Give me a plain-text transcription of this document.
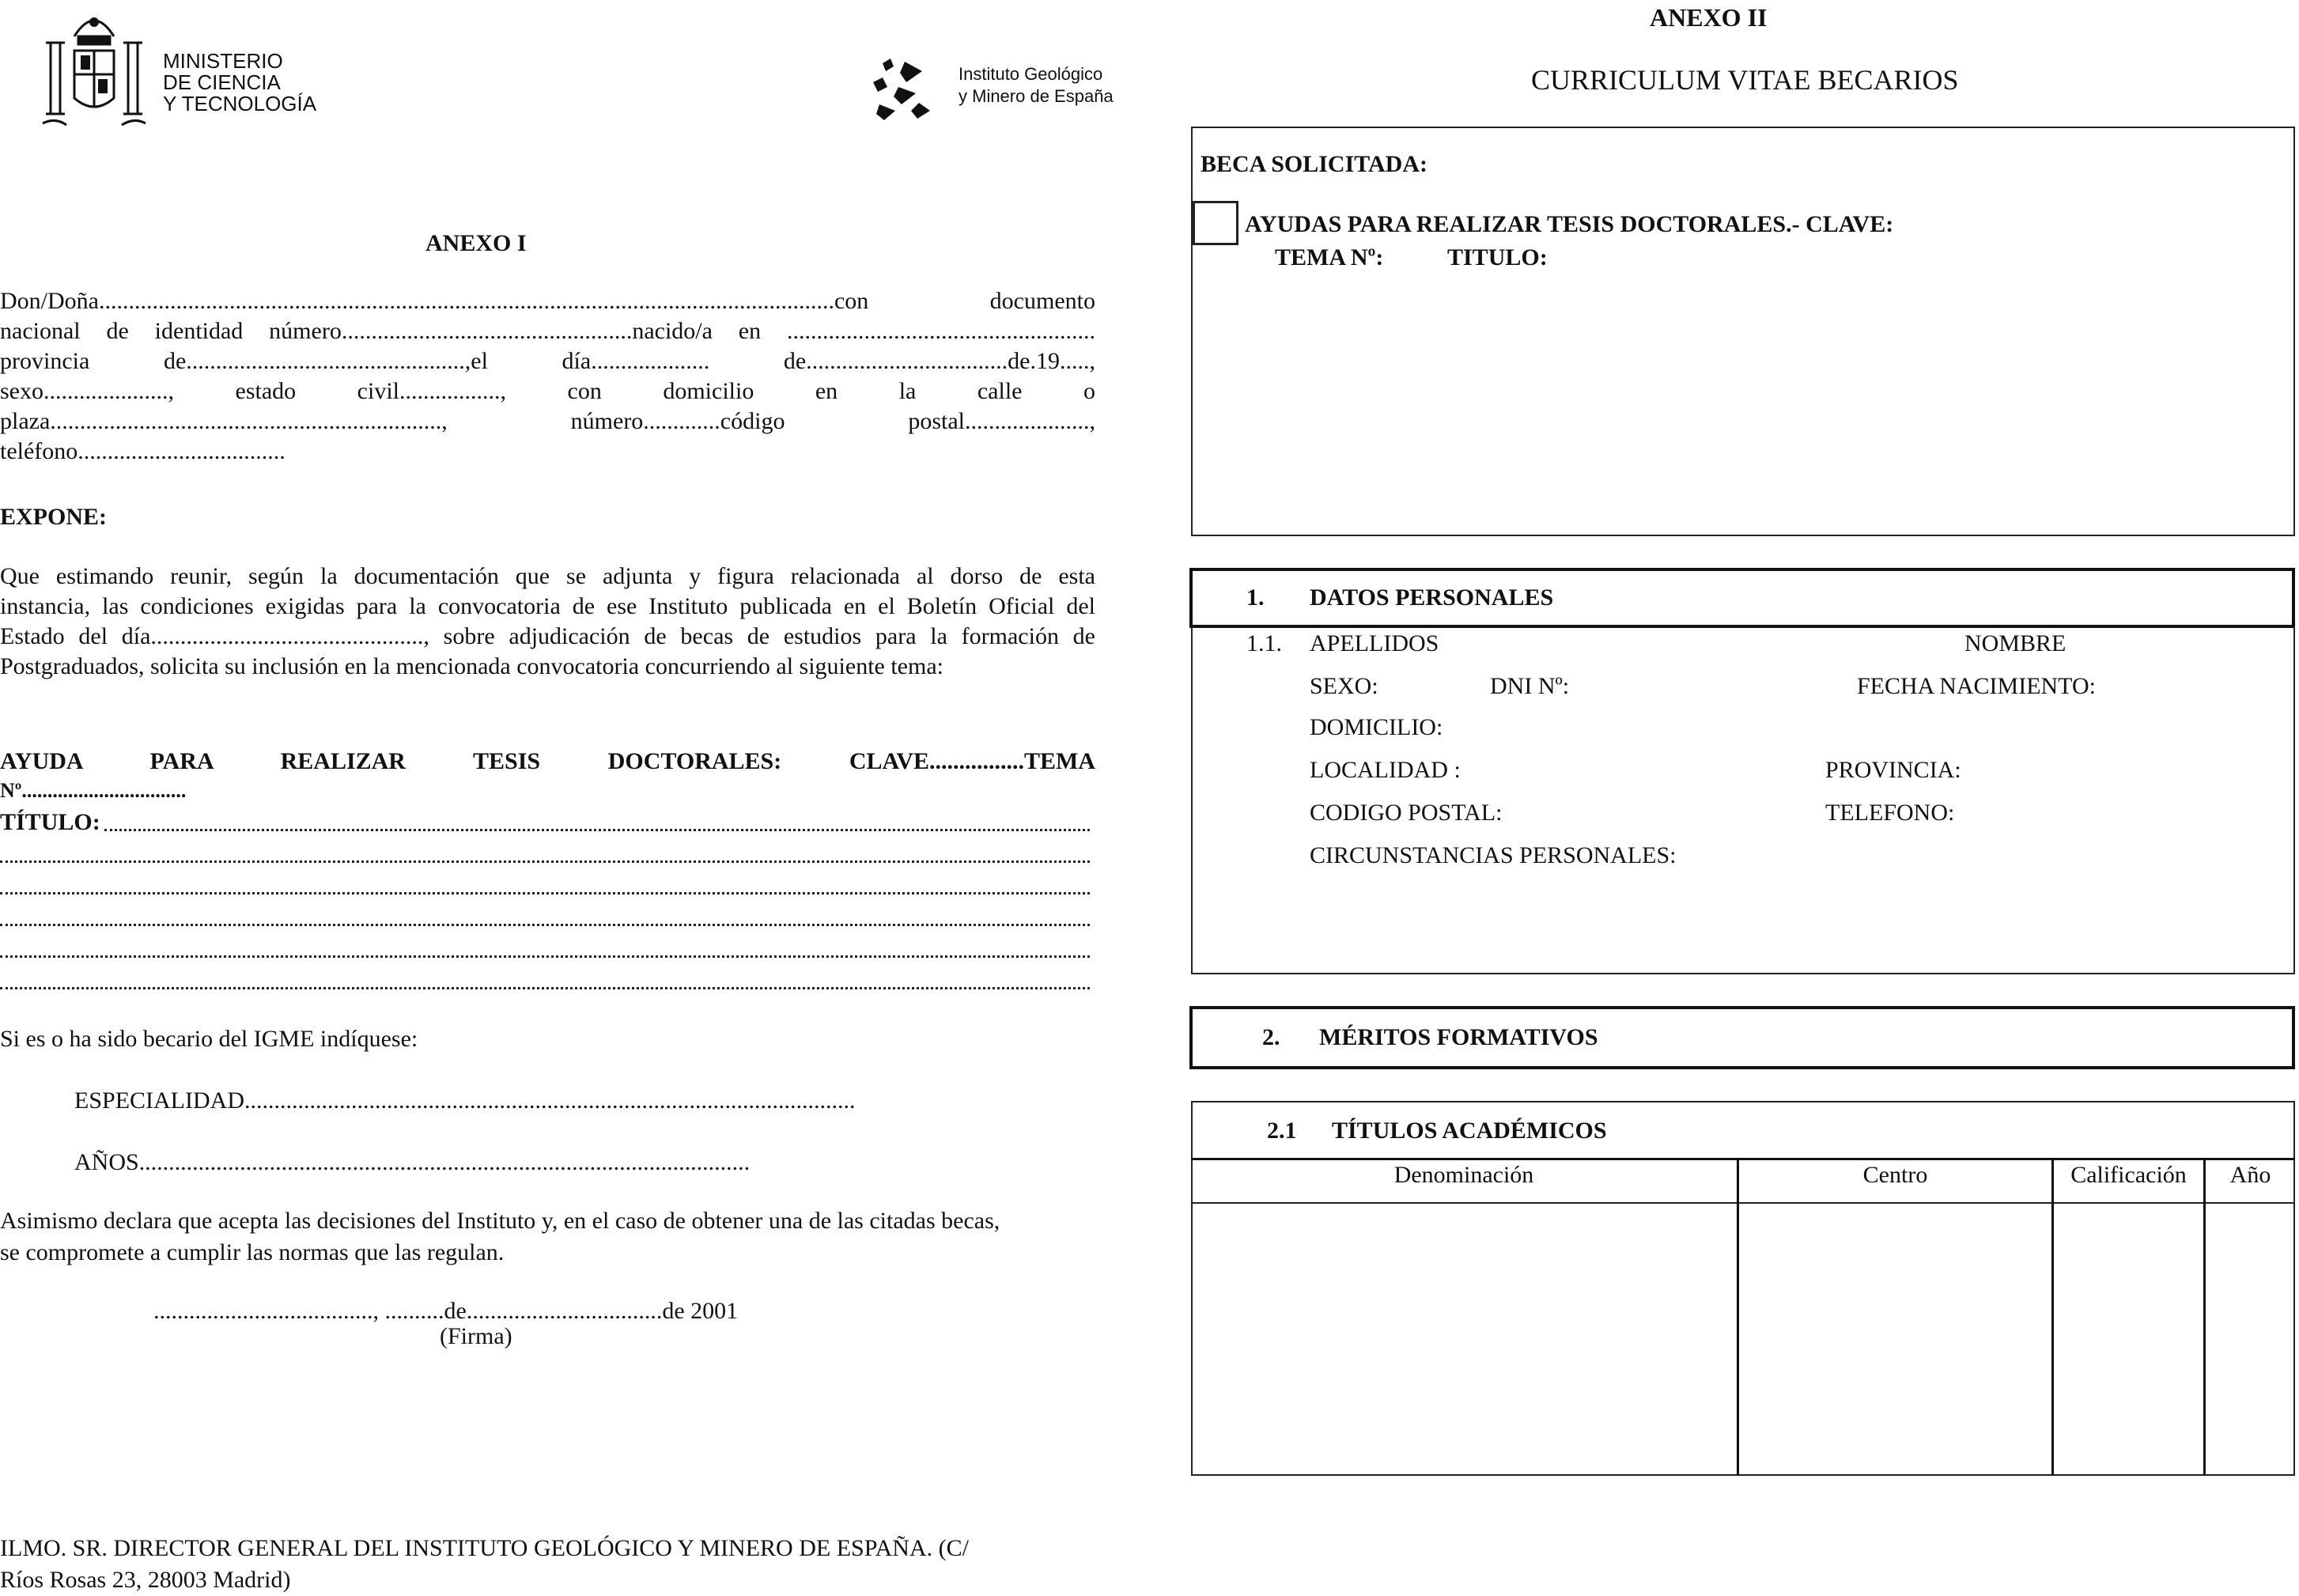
MINISTERIO
DE CIENCIA
Y TECNOLOGÍA
Instituto Geológico
y Minero de España
ANEXO I
Don/Doña............................................................................................................................con documento
nacional de identidad número.................................................nacido/a en ....................................................
provincia de...............................................,el día.................... de..................................de.19.....,
sexo....................., estado civil................., con domicilio en la calle o
plaza.................................................................., número.............código postal.....................,
teléfono...................................
EXPONE:
Que estimando reunir, según la documentación que se adjunta y figura relacionada al dorso de esta
instancia, las condiciones exigidas para la convocatoria de ese Instituto publicada en el Boletín Oficial del
Estado del día.............................................., sobre adjudicación de becas de estudios para la formación de
Postgraduados, solicita su inclusión en la mencionada convocatoria concurriendo al siguiente tema:
AYUDA PARA REALIZAR TESIS DOCTORALES: CLAVE................TEMA
Nº................................
TÍTULO:
Si es o ha sido becario del IGME indíquese:
ESPECIALIDAD.......................................................................................................
AÑOS.......................................................................................................
Asimismo declara que acepta las decisiones del Instituto y, en el caso de obtener una de las citadas becas,
se compromete a cumplir las normas que las regulan.
....................................., ..........de.................................de 2001
(Firma)
ILMO. SR. DIRECTOR GENERAL DEL INSTITUTO GEOLÓGICO Y MINERO DE ESPAÑA. (C/
Ríos Rosas 23, 28003 Madrid)
ANEXO II
CURRICULUM VITAE BECARIOS
BECA SOLICITADA:
AYUDAS PARA REALIZAR TESIS DOCTORALES.- CLAVE:
TEMA Nº:	TITULO:
1. DATOS PERSONALES
1.1. APELLIDOS	NOMBRE
SEXO:	DNI Nº:	FECHA NACIMIENTO:
DOMICILIO:
LOCALIDAD :	PROVINCIA:
CODIGO POSTAL:	TELEFONO:
CIRCUNSTANCIAS PERSONALES:
2. MÉRITOS FORMATIVOS
2.1 TÍTULOS ACADÉMICOS
Denominación	Centro	Calificación	Año
